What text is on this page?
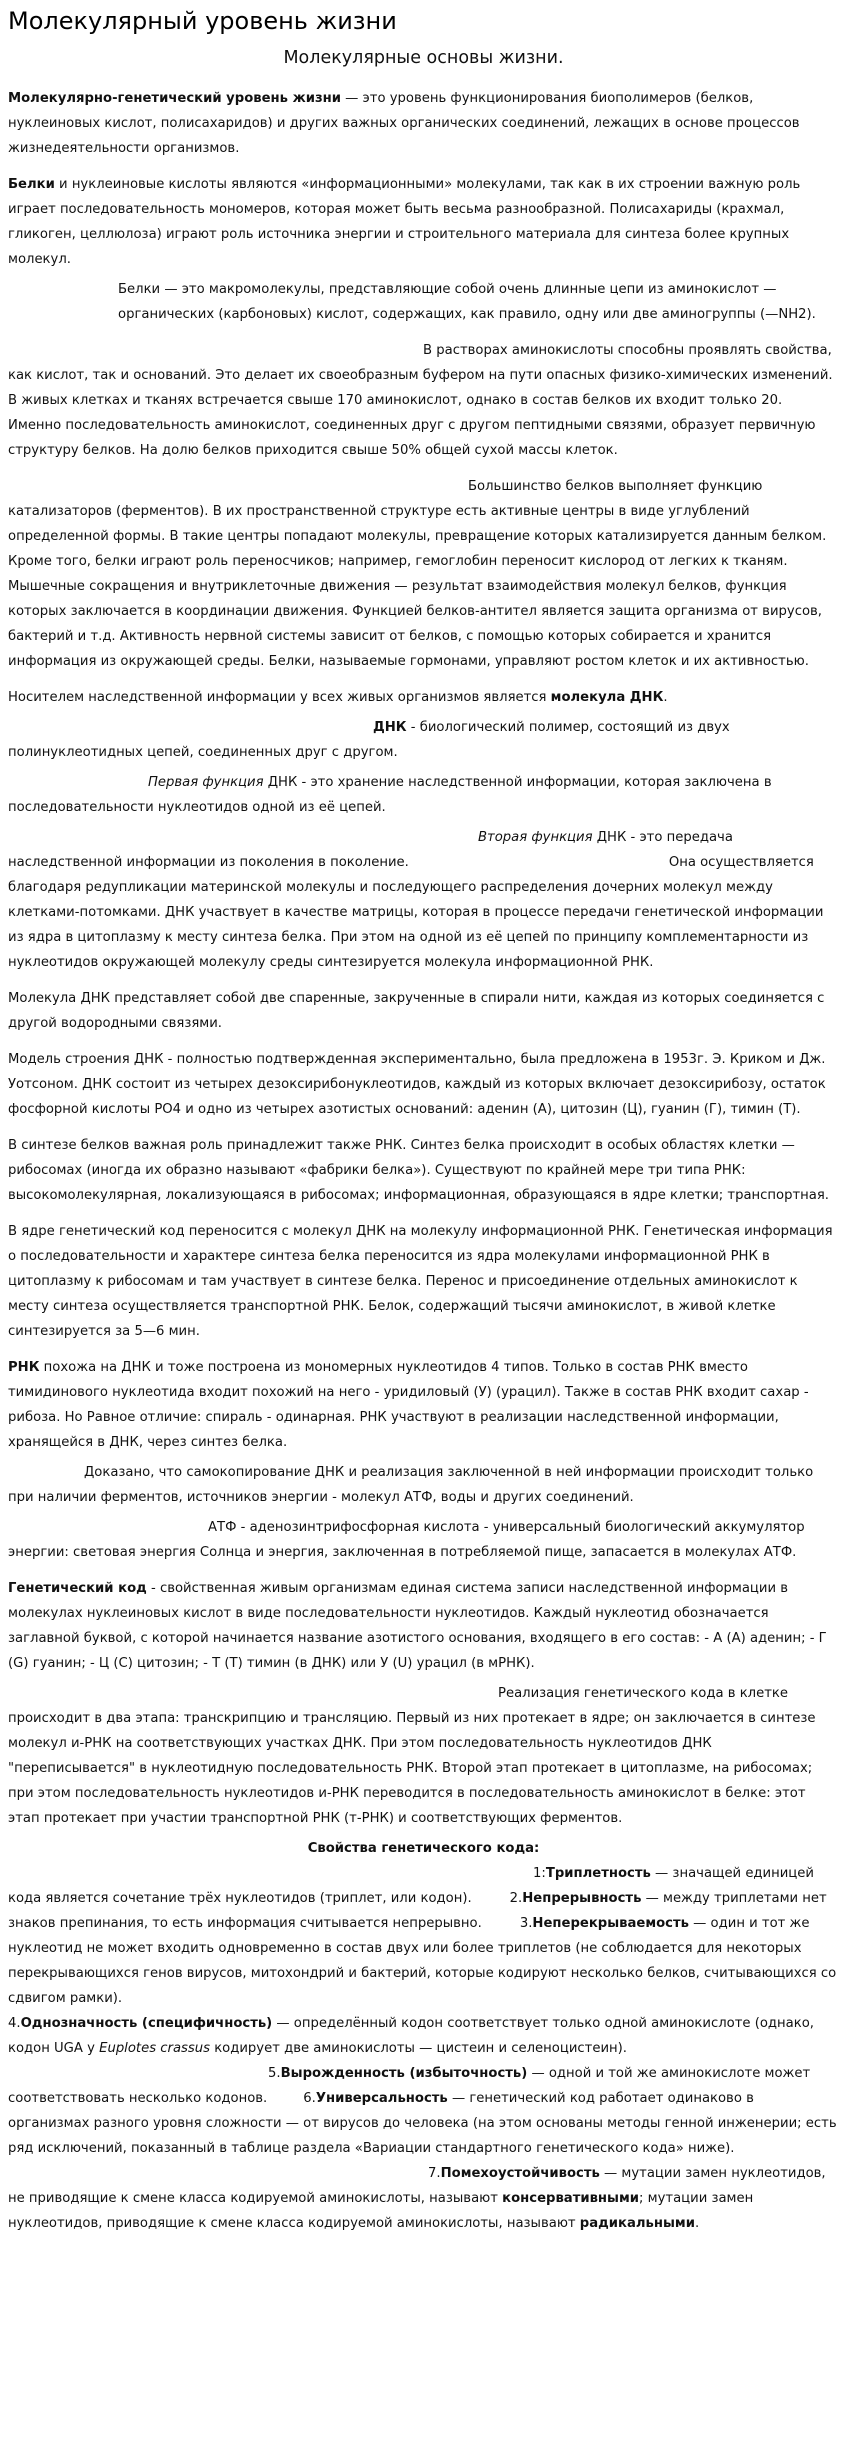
Молекулярный уровень жизни
Молекулярные основы жизни.

Молекулярно-генетический уровень жизни — это уровень функционирования биополимеров (белков, нуклеиновых кислот, полисахаридов) и других важных органических соединений, лежащих в основе процессов жизнедеятельности организмов.

Белки и нуклеиновые кислоты являются «информационными» молекулами, так как в их строении важную роль играет последовательность мономеров, которая может быть весьма разнообразной. Полисахариды (крахмал, гликоген, целлюлоза) играют роль источника энергии и строительного материала для синтеза более крупных молекул.

Белки — это макромолекулы, представляющие собой очень длинные цепи из аминокислот — органических (карбоновых) кислот, содержащих, как правило, одну или две аминогруппы (—NH2).

В растворах аминокислоты способны проявлять свойства, как кислот, так и оснований. Это делает их своеобразным буфером на пути опасных физико-химических изменений. В живых клетках и тканях встречается свыше 170 аминокислот, однако в состав белков их входит только 20. Именно последовательность аминокислот, соединенных друг с другом пептидными связями, образует первичную структуру белков. На долю белков приходится свыше 50% общей сухой массы клеток.

Большинство белков выполняет функцию катализаторов (ферментов). В их пространственной структуре есть активные центры в виде углублений определенной формы. В такие центры попадают молекулы, превращение которых катализируется данным белком. Кроме того, белки играют роль переносчиков; например, гемоглобин переносит кислород от легких к тканям. Мышечные сокращения и внутриклеточные движения — результат взаимодействия молекул белков, функция которых заключается в координации движения. Функцией белков-антител является защита организма от вирусов, бактерий и т.д. Активность нервной системы зависит от белков, с помощью которых собирается и хранится информация из окружающей среды. Белки, называемые гормонами, управляют ростом клеток и их активностью.

Носителем наследственной информации у всех живых организмов является молекула ДНК.

ДНК - биологический полимер, состоящий из двух полинуклеотидных цепей, соединенных друг с другом.

Первая функция ДНК - это хранение наследственной информации, которая заключена в последовательности нуклеотидов одной из её цепей.

Вторая функция ДНК - это передача наследственной информации из поколения в поколение.	Она осуществляется благодаря редупликации материнской молекулы и последующего распределения дочерних молекул между клетками-потомками. ДНК участвует в качестве матрицы, которая в процессе передачи генетической информации из ядра в цитоплазму к месту синтеза белка. При этом на одной из её цепей по принципу комплементарности из нуклеотидов окружающей молекулу среды синтезируется молекула информационной РНК.

Молекула ДНК представляет собой две спаренные, закрученные в спирали нити, каждая из которых соединяется с другой водородными связями.

Модель строения ДНК - полностью подтвержденная экспериментально, была предложена в 1953г. Э. Криком и Дж. Уотсоном. ДНК состоит из четырех дезоксирибонуклеотидов, каждый из которых включает дезоксирибозу, остаток фосфорной кислоты РО4 и одно из четырех азотистых оснований: аденин (А), цитозин (Ц), гуанин (Г), тимин (Т).

В синтезе белков важная роль принадлежит также РНК. Синтез белка происходит в особых областях клетки — рибосомах (иногда их образно называют «фабрики белка»). Существуют по крайней мере три типа РНК: высокомолекулярная, локализующаяся в рибосомах; информационная, образующаяся в ядре клетки; транспортная.

В ядре генетический код переносится с молекул ДНК на молекулу информационной РНК. Генетическая информация о последовательности и характере синтеза белка переносится из ядра молекулами информационной РНК в цитоплазму к рибосомам и там участвует в синтезе белка. Перенос и присоединение отдельных аминокислот к месту синтеза осуществляется транспортной РНК. Белок, содержащий тысячи аминокислот, в живой клетке синтезируется за 5—6 мин.

РНК похожа на ДНК и тоже построена из мономерных нуклеотидов 4 типов. Только в состав РНК вместо тимидинового нуклеотида входит похожий на него - уридиловый (У) (урацил). Также в состав РНК входит сахар - рибоза. Но Равное отличие: спираль - одинарная. РНК участвуют в реализации наследственной информации, хранящейся в ДНК, через синтез белка.

Доказано, что самокопирование ДНК и реализация заключенной в ней информации происходит только при наличии ферментов, источников энергии - молекул АТФ, воды и других соединений.

АТФ - аденозинтрифосфорная кислота - универсальный биологический аккумулятор энергии: световая энергия Солнца и энергия, заключенная в потребляемой пище, запасается в молекулах АТФ.

Генетический код - свойственная живым организмам единая система записи наследственной информации в молекулах нуклеиновых кислот в виде последовательности нуклеотидов. Каждый нуклеотид обозначается заглавной буквой, с которой начинается название азотистого основания, входящего в его состав: - А (A) аденин; - Г (G) гуанин; - Ц (C) цитозин; - Т (T) тимин (в ДНК) или У (U) урацил (в мРНК).

Реализация генетического кода в клетке происходит в два этапа: транскрипцию и трансляцию. Первый из них протекает в ядре; он заключается в синтезе молекул и-РНК на соответствующих участках ДНК. При этом последовательность нуклеотидов ДНК "переписывается" в нуклеотидную последовательность РНК. Второй этап протекает в цитоплазме, на рибосомах; при этом последовательность нуклеотидов и-РНК переводится в последовательность аминокислот в белке: этот этап протекает при участии транспортной РНК (т-РНК) и соответствующих ферментов.

Свойства генетического кода:

1:Триплетность — значащей единицей кода является сочетание трёх нуклеотидов (триплет, или кодон).	2.Непрерывность — между триплетами нет знаков препинания, то есть информация считывается непрерывно.	3.Неперекрываемость — один и тот же нуклеотид не может входить одновременно в состав двух или более триплетов (не соблюдается для некоторых перекрывающихся генов вирусов, митохондрий и бактерий, которые кодируют несколько белков, считывающихся со сдвигом рамки).
4.Однозначность (специфичность) — определённый кодон соответствует только одной аминокислоте (однако, кодон UGA у Euplotes crassus кодирует две аминокислоты — цистеин и селеноцистеин).
5.Вырожденность (избыточность) — одной и той же аминокислоте может соответствовать несколько кодонов.	6.Универсальность — генетический код работает одинаково в организмах разного уровня сложности — от вирусов до человека (на этом основаны методы генной инженерии; есть ряд исключений, показанный в таблице раздела «Вариации стандартного генетического кода» ниже).
7.Помехоустойчивость — мутации замен нуклеотидов, не приводящие к смене класса кодируемой аминокислоты, называют консервативными; мутации замен нуклеотидов, приводящие к смене класса кодируемой аминокислоты, называют радикальными.
